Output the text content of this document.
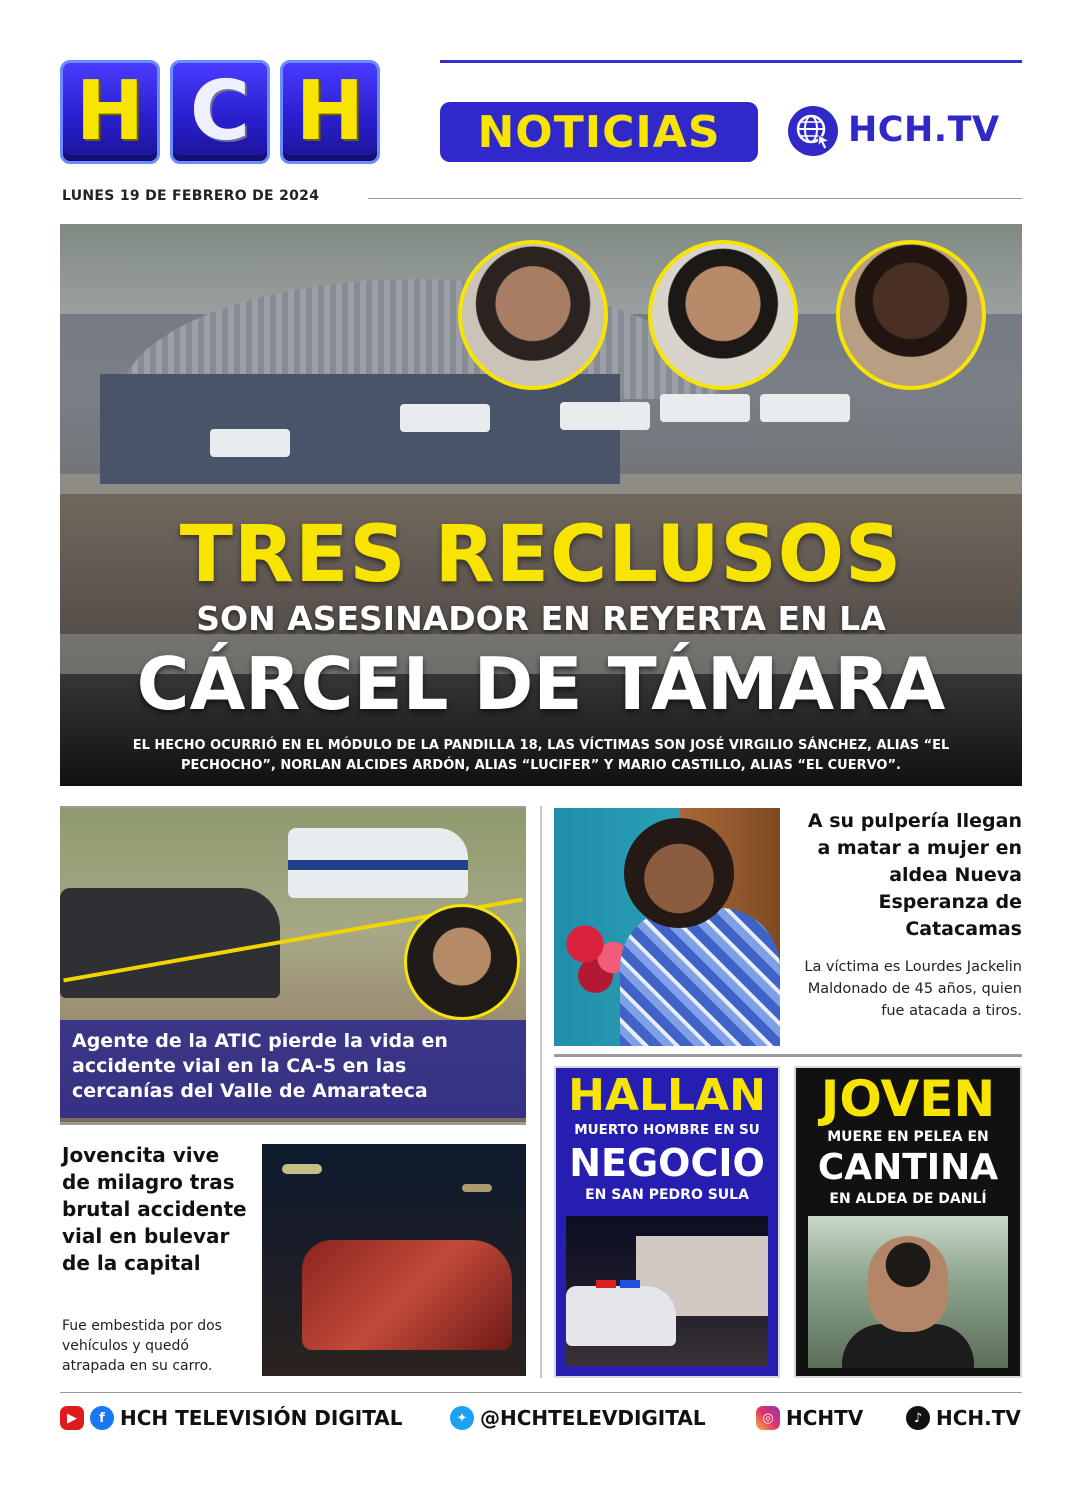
H C H	NOTICIAS	HCH.TV
LUNES 19 DE FEBRERO DE 2024
TRES RECLUSOS
SON ASESINADOR EN REYERTA EN LA
CÁRCEL DE TÁMARA
EL HECHO OCURRIÓ EN EL MÓDULO DE LA PANDILLA 18, LAS VÍCTIMAS SON JOSÉ VIRGILIO SÁNCHEZ, ALIAS “EL PECHOCHO”, NORLAN ALCIDES ARDÓN, ALIAS “LUCIFER” Y MARIO CASTILLO, ALIAS “EL CUERVO”.
Agente de la ATIC pierde la vida en accidente vial en la CA-5 en las cercanías del Valle de Amarateca
A su pulpería llegan a matar a mujer en aldea Nueva Esperanza de Catacamas
La víctima es Lourdes Jackelin Maldonado de 45 años, quien fue atacada a tiros.
Jovencita vive de milagro tras brutal accidente vial en bulevar de la capital
Fue embestida por dos vehículos y quedó atrapada en su carro.
HALLAN
MUERTO HOMBRE EN SU
NEGOCIO
EN SAN PEDRO SULA
JOVEN
MUERE EN PELEA EN
CANTINA
EN ALDEA DE DANLÍ
▶	f HCH TELEVISIÓN DIGITAL	✦ @HCHTELEVDIGITAL	◎ HCHTV	♪ HCH.TV
